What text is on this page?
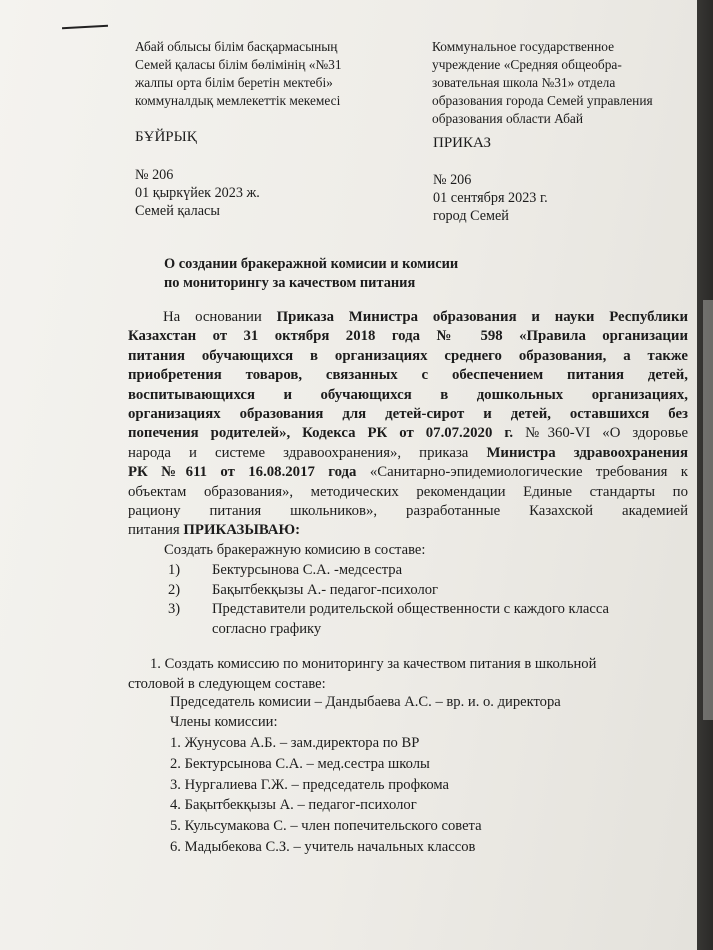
Абай облысы білім басқармасының
Семей қаласы білім бөлімінің «№31
жалпы орта білім беретін мектебі»
коммуналдық мемлекеттік мекемесі
Коммунальное государственное
учреждение «Средняя общеобра-
зовательная школа №31» отдела
образования города Семей управления
образования области Абай
БҰЙРЫҚ	ПРИКАЗ
№ 206
01 қыркүйек 2023 ж.
Семей қаласы
№ 206
01 сентября 2023 г.
город Семей
О создании бракеражной комисии и комисии
по мониторингу за качеством питания
На основании Приказа Министра образования и науки Республики
Казахстан от 31 октября 2018 года № 598 «Правила организации
питания обучающихся в организациях среднего образования, а также
приобретения товаров, связанных с обеспечением питания детей,
воспитывающихся и обучающихся в дошкольных организациях,
организациях образования для детей-сирот и детей, оставшихся без
попечения родителей», Кодекса РК от 07.07.2020 г. №360-VI «О здоровье
народа и системе здравоохранения», приказа Министра здравоохранения
РК №611 от 16.08.2017 года «Санитарно-эпидемиологические требования к
объектам образования», методических рекомендации Единые стандарты по
рациону питания школьников», разработанные Казахской академией
питания ПРИКАЗЫВАЮ:
Создать бракеражную комисию в составе:
1) Бектурсынова С.А. -медсестра
2) Бақытбекқызы А.- педагог-психолог
3) Представители родительской общественности с каждого класса
согласно графику
1. Создать комиссию по мониторингу за качеством питания в школьной
столовой в следующем составе:
Председатель комисии – Дандыбаева А.С. – вр. и. о. директора
Члены комиссии:
1. Жунусова А.Б. – зам.директора по ВР
2. Бектурсынова С.А. – мед.сестра школы
3. Нургалиева Г.Ж. – председатель профкома
4. Бақытбекқызы А. – педагог-психолог
5. Кульсумакова С. – член попечительского совета
6. Мадыбекова С.З. – учитель начальных классов
